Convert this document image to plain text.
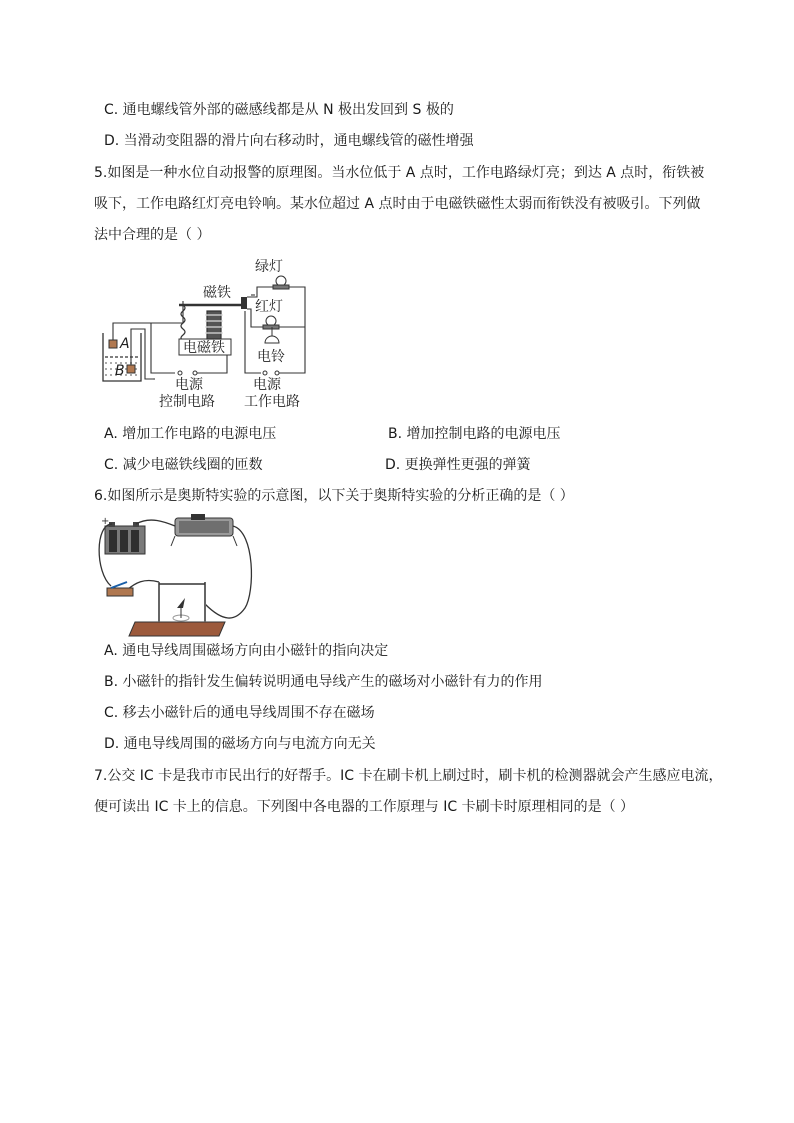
C. 通电螺线管外部的磁感线都是从 N 极出发回到 S 极的
D. 当滑动变阻器的滑片向右移动时，通电螺线管的磁性增强
5.如图是一种水位自动报警的原理图。当水位低于 A 点时，工作电路绿灯亮；到达 A 点时，衔铁被
吸下，工作电路红灯亮电铃响。某水位超过 A 点时由于电磁铁磁性太弱而衔铁没有被吸引。下列做
法中合理的是（ ）
A
B
电源
控制电路
电磁铁
磁铁
电源
工作电路
绿灯
红灯
电铃
A. 增加工作电路的电源电压	B. 增加控制电路的电源电压
C. 减少电磁铁线圈的匝数	D. 更换弹性更强的弹簧
6.如图所示是奥斯特实验的示意图，以下关于奥斯特实验的分析正确的是（ ）
+
A. 通电导线周围磁场方向由小磁针的指向决定
B. 小磁针的指针发生偏转说明通电导线产生的磁场对小磁针有力的作用
C. 移去小磁针后的通电导线周围不存在磁场
D. 通电导线周围的磁场方向与电流方向无关
7.公交 IC 卡是我市市民出行的好帮手。IC 卡在刷卡机上刷过时，刷卡机的检测器就会产生感应电流，
便可读出 IC 卡上的信息。下列图中各电器的工作原理与 IC 卡刷卡时原理相同的是（ ）
